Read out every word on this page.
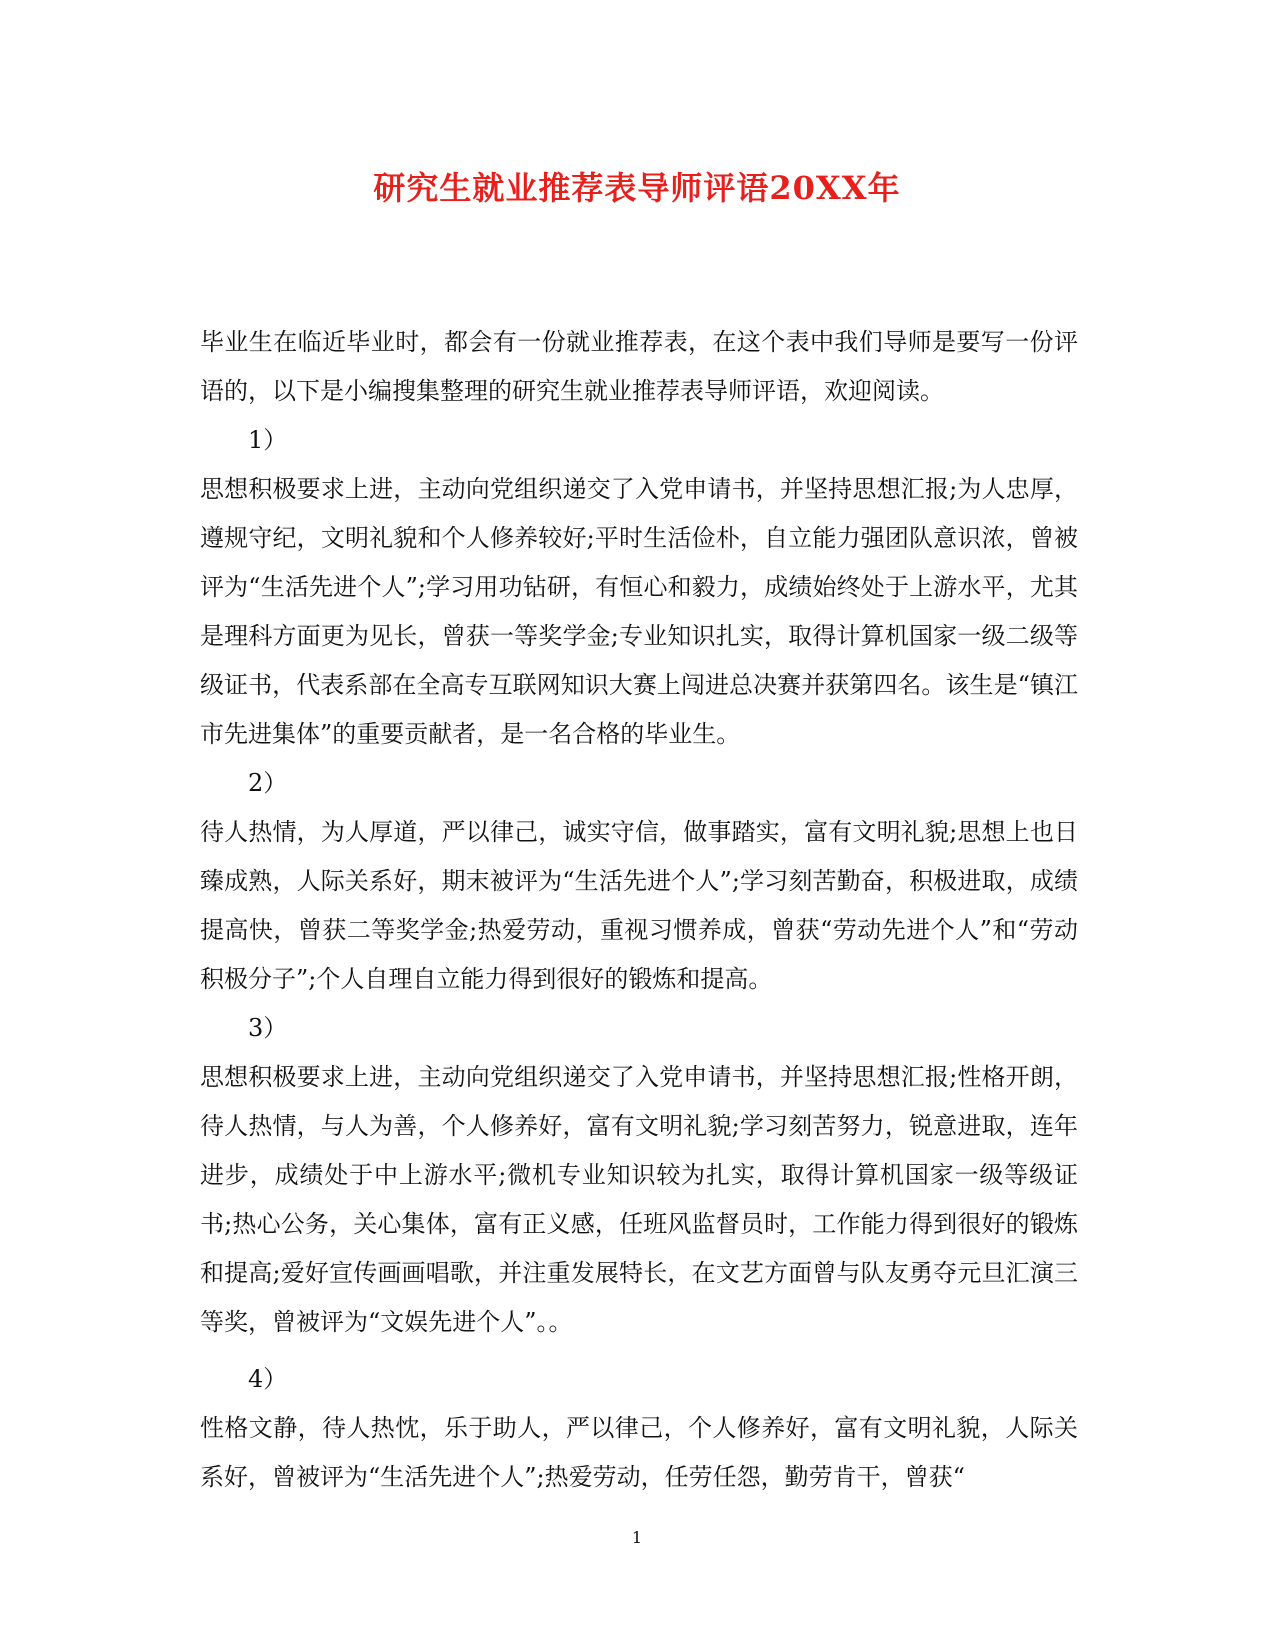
研究生就业推荐表导师评语20XX年

毕业生在临近毕业时，都会有一份就业推荐表，在这个表中我们导师是要写一份评语的，以下是小编搜集整理的研究生就业推荐表导师评语，欢迎阅读。

1）

思想积极要求上进，主动向党组织递交了入党申请书，并坚持思想汇报;为人忠厚，遵规守纪，文明礼貌和个人修养较好;平时生活俭朴，自立能力强团队意识浓，曾被评为“生活先进个人”;学习用功钻研，有恒心和毅力，成绩始终处于上游水平，尤其是理科方面更为见长，曾获一等奖学金;专业知识扎实，取得计算机国家一级二级等级证书，代表系部在全高专互联网知识大赛上闯进总决赛并获第四名。该生是“镇江市先进集体”的重要贡献者，是一名合格的毕业生。

2）

待人热情，为人厚道，严以律己，诚实守信，做事踏实，富有文明礼貌;思想上也日臻成熟，人际关系好，期末被评为“生活先进个人”;学习刻苦勤奋，积极进取，成绩提高快，曾获二等奖学金;热爱劳动，重视习惯养成，曾获“劳动先进个人”和“劳动积极分子”;个人自理自立能力得到很好的锻炼和提高。

3）

思想积极要求上进，主动向党组织递交了入党申请书，并坚持思想汇报;性格开朗，待人热情，与人为善，个人修养好，富有文明礼貌;学习刻苦努力，锐意进取，连年进步，成绩处于中上游水平;微机专业知识较为扎实，取得计算机国家一级等级证书;热心公务，关心集体，富有正义感，任班风监督员时，工作能力得到很好的锻炼和提高;爱好宣传画画唱歌，并注重发展特长，在文艺方面曾与队友勇夺元旦汇演三等奖，曾被评为“文娱先进个人”。。

4）

性格文静，待人热忱，乐于助人，严以律己，个人修养好，富有文明礼貌，人际关系好，曾被评为“生活先进个人”;热爱劳动，任劳任怨，勤劳肯干，曾获“

1
